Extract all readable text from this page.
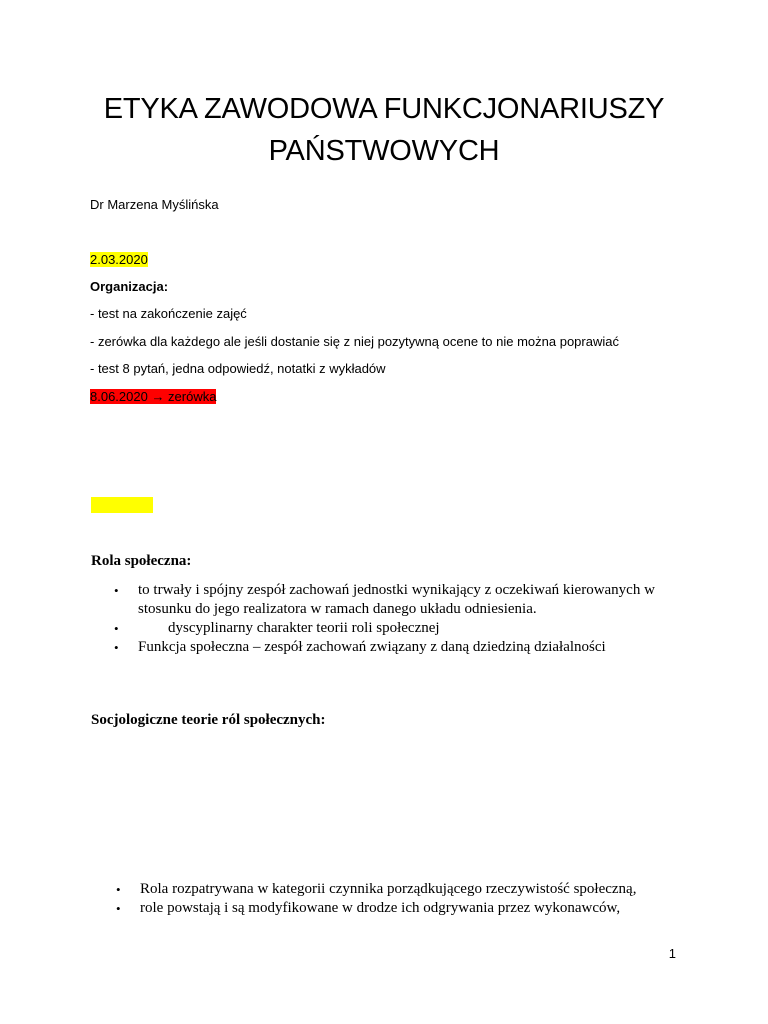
ETYKA ZAWODOWA FUNKCJONARIUSZY
PAŃSTWOWYCH
Dr Marzena Myślińska
2.03.2020
Organizacja:
- test na zakończenie zajęć
- zerówka dla każdego ale jeśli dostanie się z niej pozytywną ocene to nie można poprawiać
- test 8 pytań, jedna odpowiedź, notatki z wykładów
8.06.2020 → zerówka
Rola społeczna:
•	to trwały i spójny zespół zachowań jednostki wynikający z oczekiwań kierowanych w
stosunku do jego realizatora w ramach danego układu odniesienia.
•	dyscyplinarny charakter teorii roli społecznej
•	Funkcja społeczna – zespół zachowań związany z daną dziedziną działalności
Socjologiczne teorie ról społecznych:
•	Rola rozpatrywana w kategorii czynnika porządkującego rzeczywistość społeczną,
•	role powstają i są modyfikowane w drodze ich odgrywania przez wykonawców,
1
